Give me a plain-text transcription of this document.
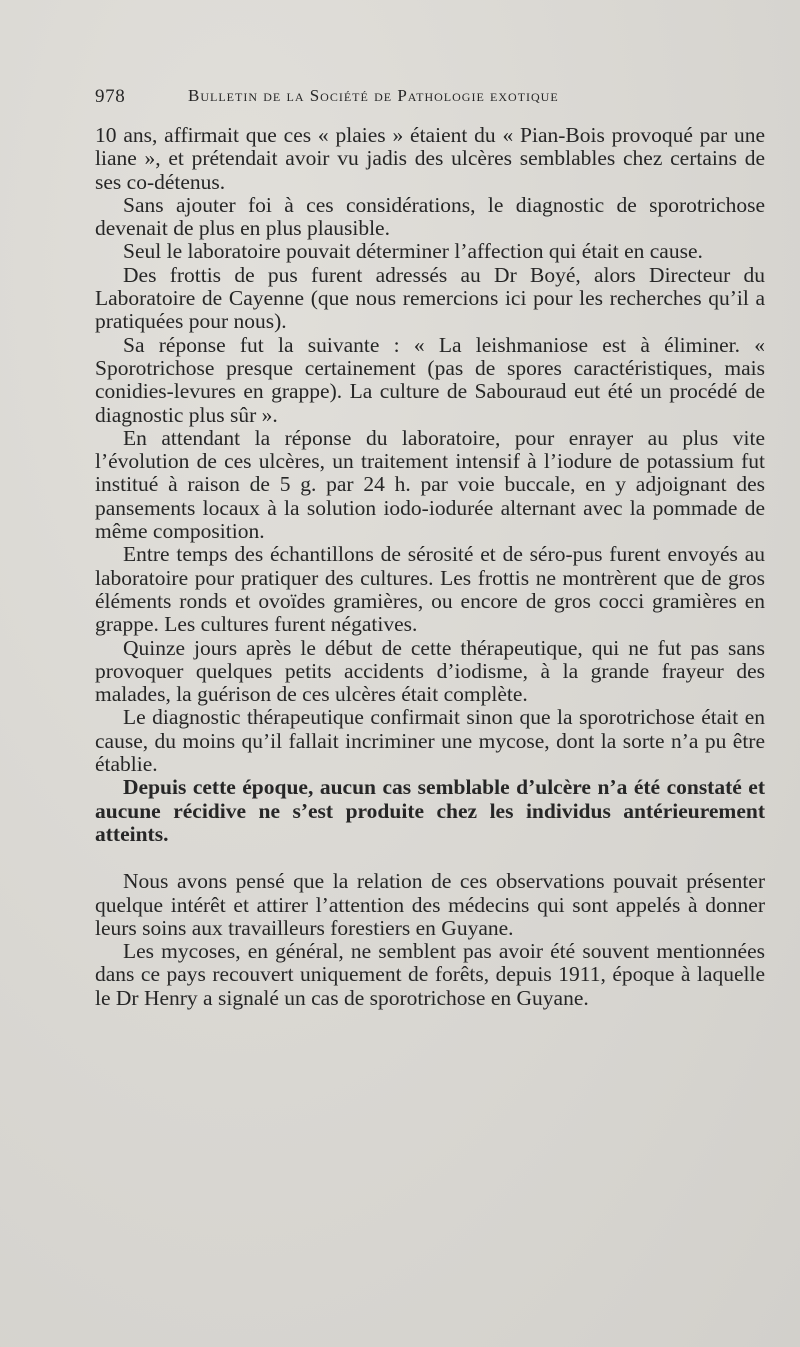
978	Bulletin de la Société de Pathologie exotique

10 ans, affirmait que ces « plaies » étaient du « Pian-Bois provoqué par une liane », et prétendait avoir vu jadis des ulcères semblables chez certains de ses co-détenus.

Sans ajouter foi à ces considérations, le diagnostic de sporotrichose devenait de plus en plus plausible.

Seul le laboratoire pouvait déterminer l’affection qui était en cause.

Des frottis de pus furent adressés au Dr Boyé, alors Directeur du Laboratoire de Cayenne (que nous remercions ici pour les recherches qu’il a pratiquées pour nous).

Sa réponse fut la suivante : « La leishmaniose est à éliminer. « Sporotrichose presque certainement (pas de spores caractéristiques, mais conidies-levures en grappe). La culture de Sabouraud eut été un procédé de diagnostic plus sûr ».

En attendant la réponse du laboratoire, pour enrayer au plus vite l’évolution de ces ulcères, un traitement intensif à l’iodure de potassium fut institué à raison de 5 g. par 24 h. par voie buccale, en y adjoignant des pansements locaux à la solution iodo-iodurée alternant avec la pommade de même composition.

Entre temps des échantillons de sérosité et de séro-pus furent envoyés au laboratoire pour pratiquer des cultures. Les frottis ne montrèrent que de gros éléments ronds et ovoïdes gramières, ou encore de gros cocci gramières en grappe. Les cultures furent négatives.

Quinze jours après le début de cette thérapeutique, qui ne fut pas sans provoquer quelques petits accidents d’iodisme, à la grande frayeur des malades, la guérison de ces ulcères était complète.

Le diagnostic thérapeutique confirmait sinon que la sporotrichose était en cause, du moins qu’il fallait incriminer une mycose, dont la sorte n’a pu être établie.

Depuis cette époque, aucun cas semblable d’ulcère n’a été constaté et aucune récidive ne s’est produite chez les individus antérieurement atteints.

Nous avons pensé que la relation de ces observations pouvait présenter quelque intérêt et attirer l’attention des médecins qui sont appelés à donner leurs soins aux travailleurs forestiers en Guyane.

Les mycoses, en général, ne semblent pas avoir été souvent mentionnées dans ce pays recouvert uniquement de forêts, depuis 1911, époque à laquelle le Dr Henry a signalé un cas de sporotrichose en Guyane.
